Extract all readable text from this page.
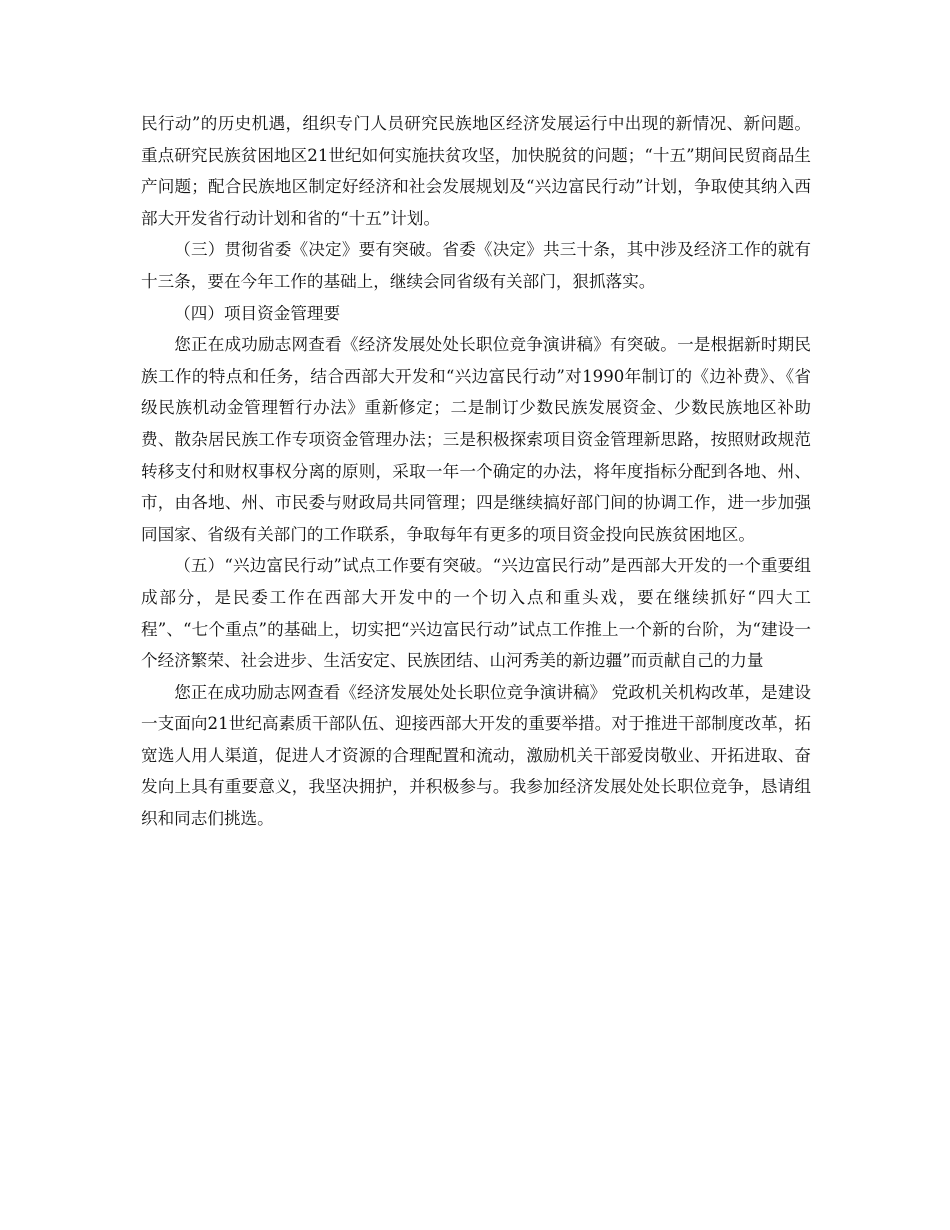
民行动”的历史机遇，组织专门人员研究民族地区经济发展运行中出现的新情况、新问题。重点研究民族贫困地区21世纪如何实施扶贫攻坚，加快脱贫的问题；“十五”期间民贸商品生产问题；配合民族地区制定好经济和社会发展规划及“兴边富民行动”计划，争取使其纳入西部大开发省行动计划和省的“十五”计划。

（三）贯彻省委《决定》要有突破。省委《决定》共三十条，其中涉及经济工作的就有十三条，要在今年工作的基础上，继续会同省级有关部门，狠抓落实。

（四）项目资金管理要

您正在成功励志网查看《经济发展处处长职位竞争演讲稿》有突破。一是根据新时期民族工作的特点和任务，结合西部大开发和“兴边富民行动”对1990年制订的《边补费》、《省级民族机动金管理暂行办法》重新修定；二是制订少数民族发展资金、少数民族地区补助费、散杂居民族工作专项资金管理办法；三是积极探索项目资金管理新思路，按照财政规范转移支付和财权事权分离的原则，采取一年一个确定的办法，将年度指标分配到各地、州、市，由各地、州、市民委与财政局共同管理；四是继续搞好部门间的协调工作，进一步加强同国家、省级有关部门的工作联系，争取每年有更多的项目资金投向民族贫困地区。

（五）“兴边富民行动”试点工作要有突破。“兴边富民行动”是西部大开发的一个重要组成部分，是民委工作在西部大开发中的一个切入点和重头戏，要在继续抓好“四大工程”、“七个重点”的基础上，切实把“兴边富民行动”试点工作推上一个新的台阶，为“建设一个经济繁荣、社会进步、生活安定、民族团结、山河秀美的新边疆”而贡献自己的力量

您正在成功励志网查看《经济发展处处长职位竞争演讲稿》 党政机关机构改革，是建设一支面向21世纪高素质干部队伍、迎接西部大开发的重要举措。对于推进干部制度改革，拓宽选人用人渠道，促进人才资源的合理配置和流动，激励机关干部爱岗敬业、开拓进取、奋发向上具有重要意义，我坚决拥护，并积极参与。我参加经济发展处处长职位竞争，恳请组织和同志们挑选。
